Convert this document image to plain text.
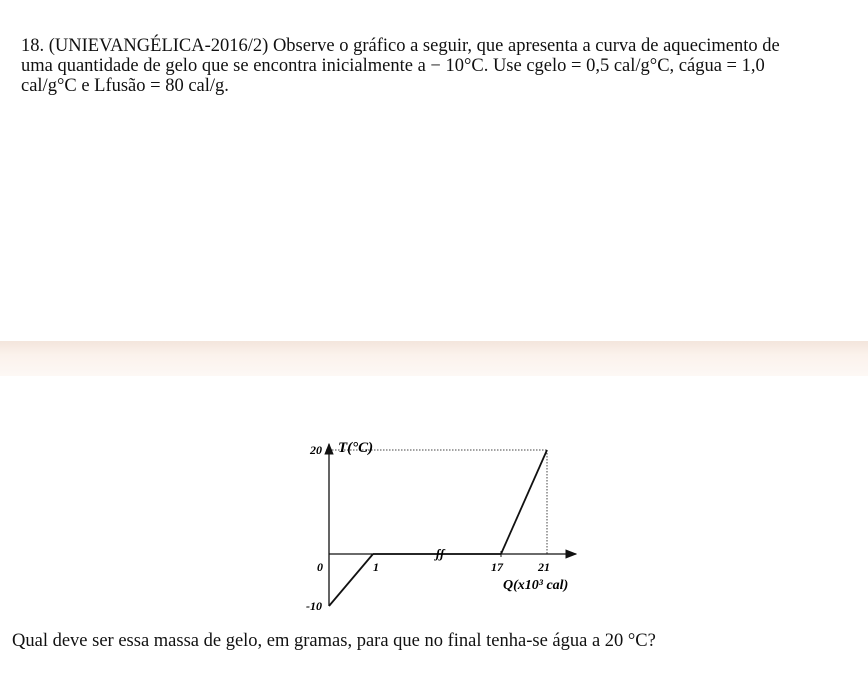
18. (UNIEVANGÉLICA-2016/2) Observe o gráfico a seguir, que apresenta a curva de aquecimento de
uma quantidade de gelo que se encontra inicialmente a − 10°C. Use cgelo = 0,5 cal/g°C, cágua = 1,0
cal/g°C e Lfusão = 80 cal/g.
ʃʃ
T(°C)
Q(x10³ cal)
20
-10
0	1	17	21
Qual deve ser essa massa de gelo, em gramas, para que no final tenha-se água a 20 °C?
